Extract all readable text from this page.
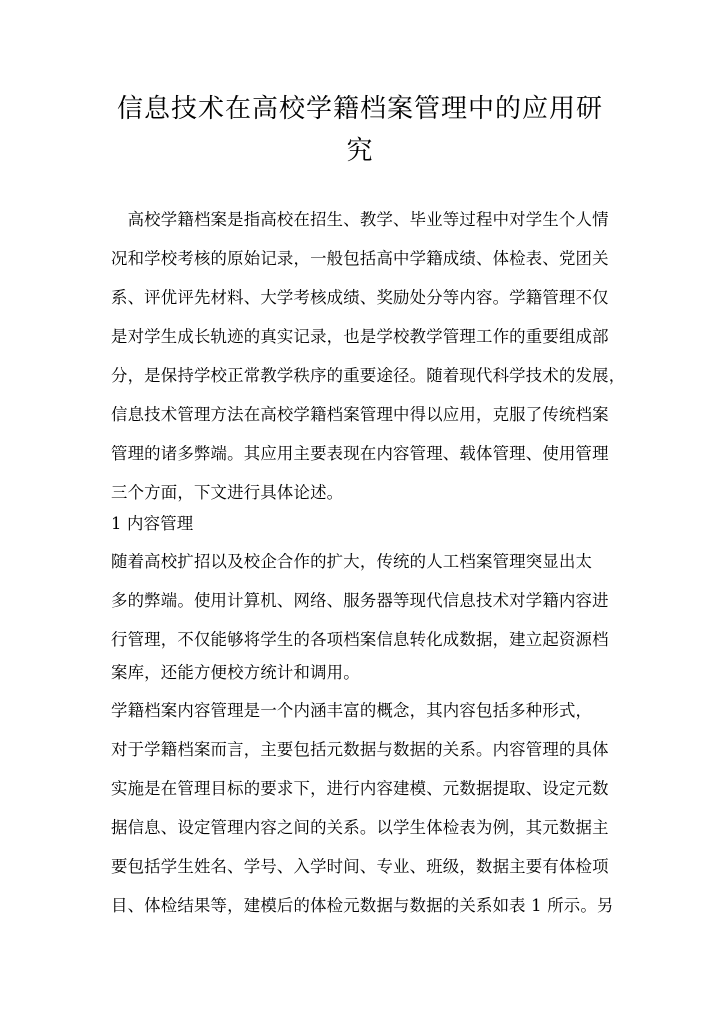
信息技术在高校学籍档案管理中的应用研
究

　高校学籍档案是指高校在招生、教学、毕业等过程中对学生个人情

况和学校考核的原始记录，一般包括高中学籍成绩、体检表、党团关

系、评优评先材料、大学考核成绩、奖励处分等内容。学籍管理不仅

是对学生成长轨迹的真实记录，也是学校教学管理工作的重要组成部

分，是保持学校正常教学秩序的重要途径。随着现代科学技术的发展，

信息技术管理方法在高校学籍档案管理中得以应用，克服了传统档案

管理的诸多弊端。其应用主要表现在内容管理、载体管理、使用管理

三个方面，下文进行具体论述。

1 内容管理

随着高校扩招以及校企合作的扩大，传统的人工档案管理突显出太

多的弊端。使用计算机、网络、服务器等现代信息技术对学籍内容进

行管理，不仅能够将学生的各项档案信息转化成数据，建立起资源档

案库，还能方便校方统计和调用。

学籍档案内容管理是一个内涵丰富的概念，其内容包括多种形式，

对于学籍档案而言，主要包括元数据与数据的关系。内容管理的具体

实施是在管理目标的要求下，进行内容建模、元数据提取、设定元数

据信息、设定管理内容之间的关系。以学生体检表为例，其元数据主

要包括学生姓名、学号、入学时间、专业、班级，数据主要有体检项

目、体检结果等，建模后的体检元数据与数据的关系如表 1 所示。另
